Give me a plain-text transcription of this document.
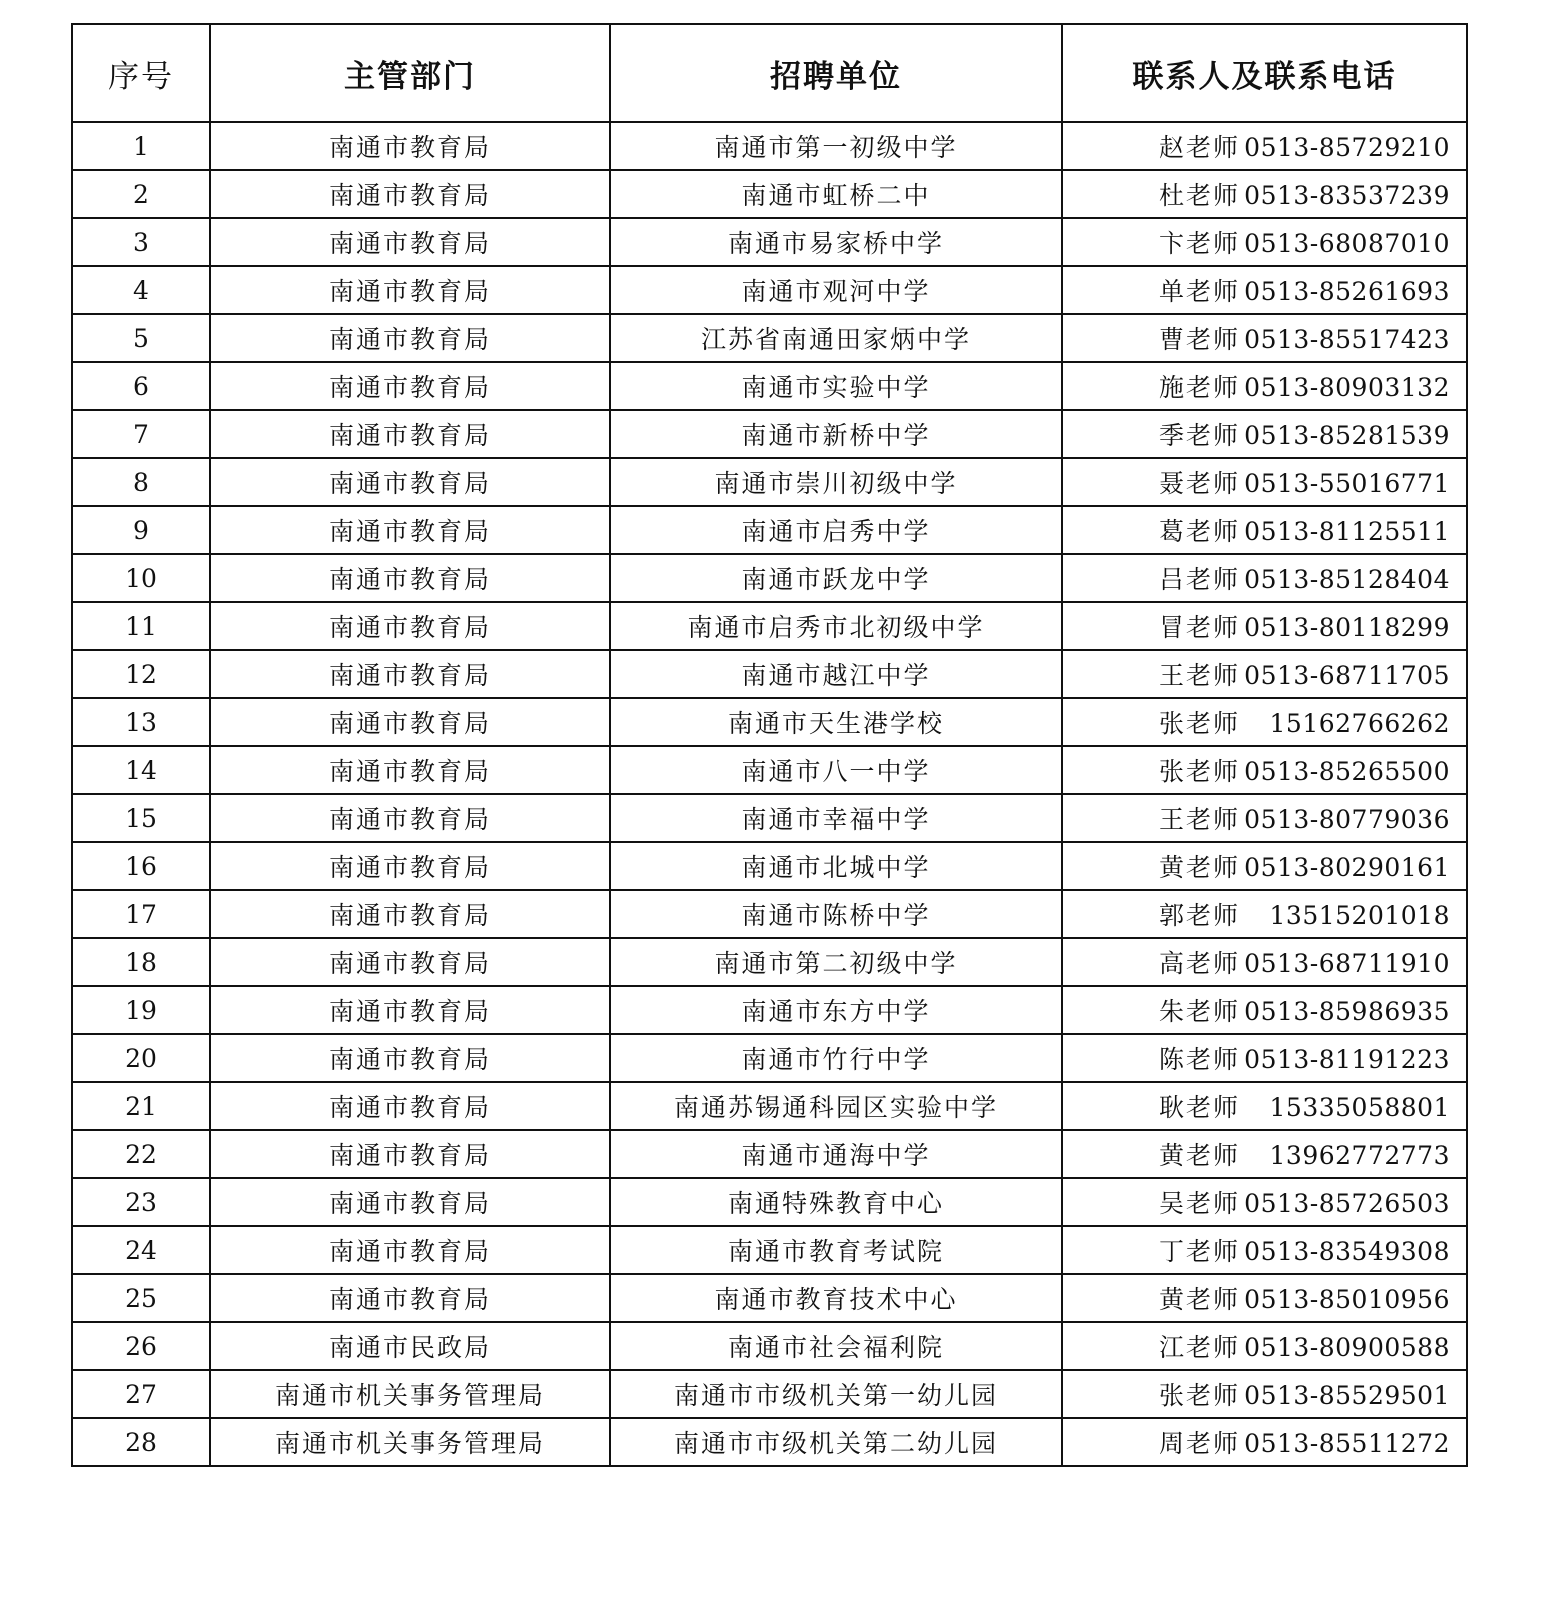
序号	主管部门	招聘单位	联系人及联系电话
1	南通市教育局	南通市第一初级中学	赵老师 0513-85729210
2	南通市教育局	南通市虹桥二中	杜老师 0513-83537239
3	南通市教育局	南通市易家桥中学	卞老师 0513-68087010
4	南通市教育局	南通市观河中学	单老师 0513-85261693
5	南通市教育局	江苏省南通田家炳中学	曹老师 0513-85517423
6	南通市教育局	南通市实验中学	施老师 0513-80903132
7	南通市教育局	南通市新桥中学	季老师 0513-85281539
8	南通市教育局	南通市崇川初级中学	聂老师 0513-55016771
9	南通市教育局	南通市启秀中学	葛老师 0513-81125511
10	南通市教育局	南通市跃龙中学	吕老师 0513-85128404
11	南通市教育局	南通市启秀市北初级中学	冒老师 0513-80118299
12	南通市教育局	南通市越江中学	王老师 0513-68711705
13	南通市教育局	南通市天生港学校	张老师 15162766262
14	南通市教育局	南通市八一中学	张老师 0513-85265500
15	南通市教育局	南通市幸福中学	王老师 0513-80779036
16	南通市教育局	南通市北城中学	黄老师 0513-80290161
17	南通市教育局	南通市陈桥中学	郭老师 13515201018
18	南通市教育局	南通市第二初级中学	高老师 0513-68711910
19	南通市教育局	南通市东方中学	朱老师 0513-85986935
20	南通市教育局	南通市竹行中学	陈老师 0513-81191223
21	南通市教育局	南通苏锡通科园区实验中学	耿老师 15335058801
22	南通市教育局	南通市通海中学	黄老师 13962772773
23	南通市教育局	南通特殊教育中心	吴老师 0513-85726503
24	南通市教育局	南通市教育考试院	丁老师 0513-83549308
25	南通市教育局	南通市教育技术中心	黄老师 0513-85010956
26	南通市民政局	南通市社会福利院	江老师 0513-80900588
27	南通市机关事务管理局	南通市市级机关第一幼儿园	张老师 0513-85529501
28	南通市机关事务管理局	南通市市级机关第二幼儿园	周老师 0513-85511272
